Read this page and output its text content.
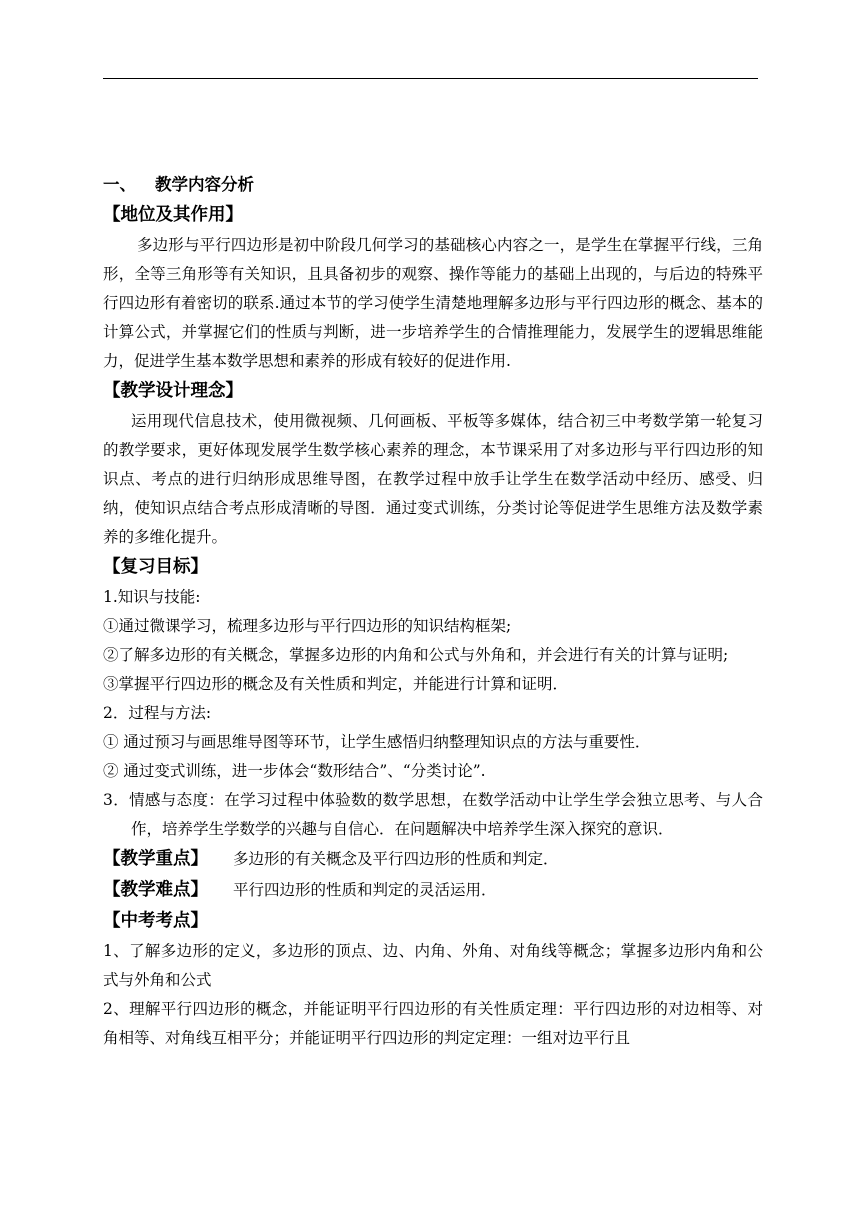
一、 教学内容分析
【地位及其作用】

多边形与平行四边形是初中阶段几何学习的基础核心内容之一，是学生在掌握平行线，三角形，全等三角形等有关知识，且具备初步的观察、操作等能力的基础上出现的，与后边的特殊平行四边形有着密切的联系.通过本节的学习使学生清楚地理解多边形与平行四边形的概念、基本的计算公式，并掌握它们的性质与判断，进一步培养学生的合情推理能力，发展学生的逻辑思维能力，促进学生基本数学思想和素养的形成有较好的促进作用.

【教学设计理念】

运用现代信息技术，使用微视频、几何画板、平板等多媒体，结合初三中考数学第一轮复习的教学要求，更好体现发展学生数学核心素养的理念，本节课采用了对多边形与平行四边形的知识点、考点的进行归纳形成思维导图，在教学过程中放手让学生在数学活动中经历、感受、归纳，使知识点结合考点形成清晰的导图．通过变式训练，分类讨论等促进学生思维方法及数学素养的多维化提升。

【复习目标】

1.知识与技能:

①通过微课学习，梳理多边形与平行四边形的知识结构框架;

②了解多边形的有关概念，掌握多边形的内角和公式与外角和，并会进行有关的计算与证明;

③掌握平行四边形的概念及有关性质和判定，并能进行计算和证明．

2．过程与方法:

① 通过预习与画思维导图等环节，让学生感悟归纳整理知识点的方法与重要性．

② 通过变式训练，进一步体会“数形结合”、“分类讨论”.

3．情感与态度：在学习过程中体验数的数学思想，在数学活动中让学生学会独立思考、与人合作，培养学生学数学的兴趣与自信心．在问题解决中培养学生深入探究的意识．

【教学重点】 多边形的有关概念及平行四边形的性质和判定．
【教学难点】 平行四边形的性质和判定的灵活运用．
【中考考点】

1、了解多边形的定义，多边形的顶点、边、内角、外角、对角线等概念；掌握多边形内角和公式与外角和公式

2、理解平行四边形的概念，并能证明平行四边形的有关性质定理：平行四边形的对边相等、对角相等、对角线互相平分；并能证明平行四边形的判定定理：一组对边平行且
